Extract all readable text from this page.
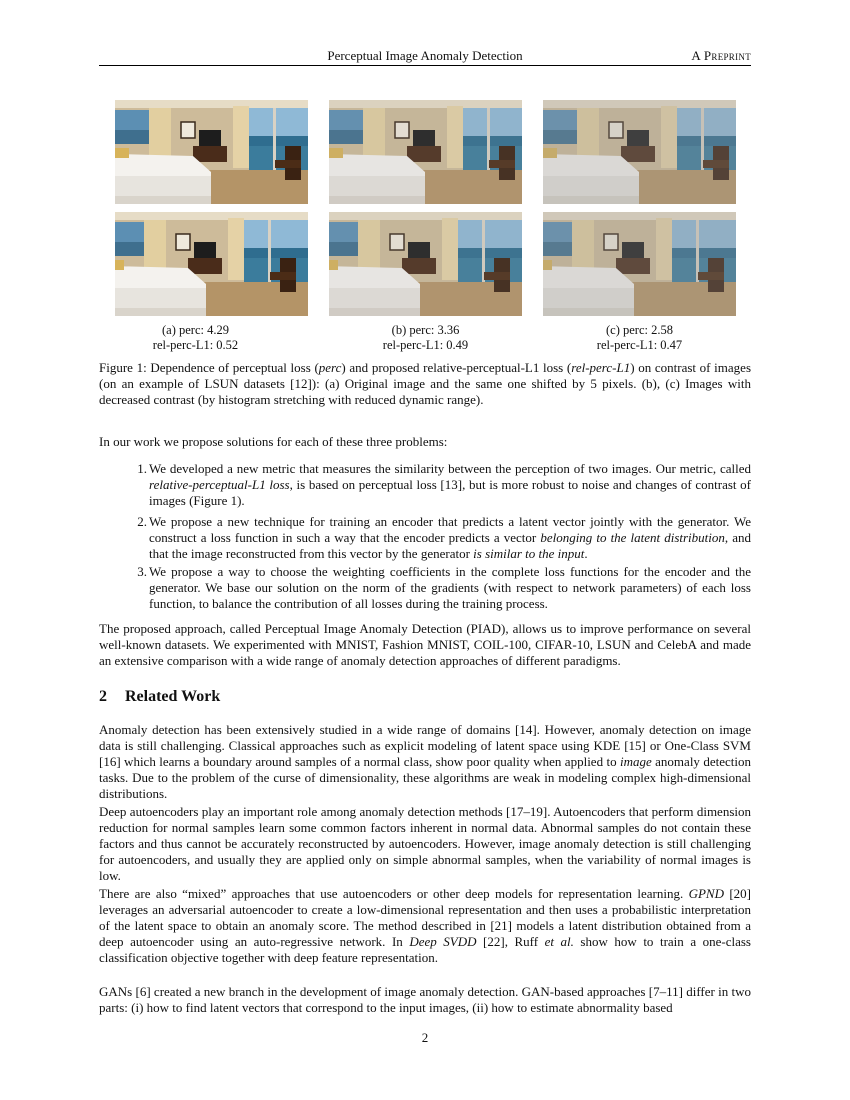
Perceptual Image Anomaly Detection	A Preprint
(a) perc: 4.29
rel-perc-L1: 0.52
(b) perc: 3.36
rel-perc-L1: 0.49
(c) perc: 2.58
rel-perc-L1: 0.47
Figure 1: Dependence of perceptual loss (perc) and proposed relative-perceptual-L1 loss (rel-perc-L1) on contrast of images (on an example of LSUN datasets [12]): (a) Original image and the same one shifted by 5 pixels. (b), (c) Images with decreased contrast (by histogram stretching with reduced dynamic range).
In our work we propose solutions for each of these three problems:
1. We developed a new metric that measures the similarity between the perception of two images. Our metric, called relative-perceptual-L1 loss, is based on perceptual loss [13], but is more robust to noise and changes of contrast of images (Figure 1).
2. We propose a new technique for training an encoder that predicts a latent vector jointly with the generator. We construct a loss function in such a way that the encoder predicts a vector belonging to the latent distribution, and that the image reconstructed from this vector by the generator is similar to the input.
3. We propose a way to choose the weighting coefficients in the complete loss functions for the encoder and the generator. We base our solution on the norm of the gradients (with respect to network parameters) of each loss function, to balance the contribution of all losses during the training process.
The proposed approach, called Perceptual Image Anomaly Detection (PIAD), allows us to improve performance on several well-known datasets. We experimented with MNIST, Fashion MNIST, COIL-100, CIFAR-10, LSUN and CelebA and made an extensive comparison with a wide range of anomaly detection approaches of different paradigms.
2 Related Work
Anomaly detection has been extensively studied in a wide range of domains [14]. However, anomaly detection on image data is still challenging. Classical approaches such as explicit modeling of latent space using KDE [15] or One-Class SVM [16] which learns a boundary around samples of a normal class, show poor quality when applied to image anomaly detection tasks. Due to the problem of the curse of dimensionality, these algorithms are weak in modeling complex high-dimensional distributions.
Deep autoencoders play an important role among anomaly detection methods [17–19]. Autoencoders that perform dimension reduction for normal samples learn some common factors inherent in normal data. Abnormal samples do not contain these factors and thus cannot be accurately reconstructed by autoencoders. However, image anomaly detection is still challenging for autoencoders, and usually they are applied only on simple abnormal samples, when the variability of normal images is low.
There are also “mixed” approaches that use autoencoders or other deep models for representation learning. GPND [20] leverages an adversarial autoencoder to create a low-dimensional representation and then uses a probabilistic interpretation of the latent space to obtain an anomaly score. The method described in [21] models a latent distribution obtained from a deep autoencoder using an auto-regressive network. In Deep SVDD [22], Ruff et al. show how to train a one-class classification objective together with deep feature representation.
GANs [6] created a new branch in the development of image anomaly detection. GAN-based approaches [7–11] differ in two parts: (i) how to find latent vectors that correspond to the input images, (ii) how to estimate abnormality based
2
